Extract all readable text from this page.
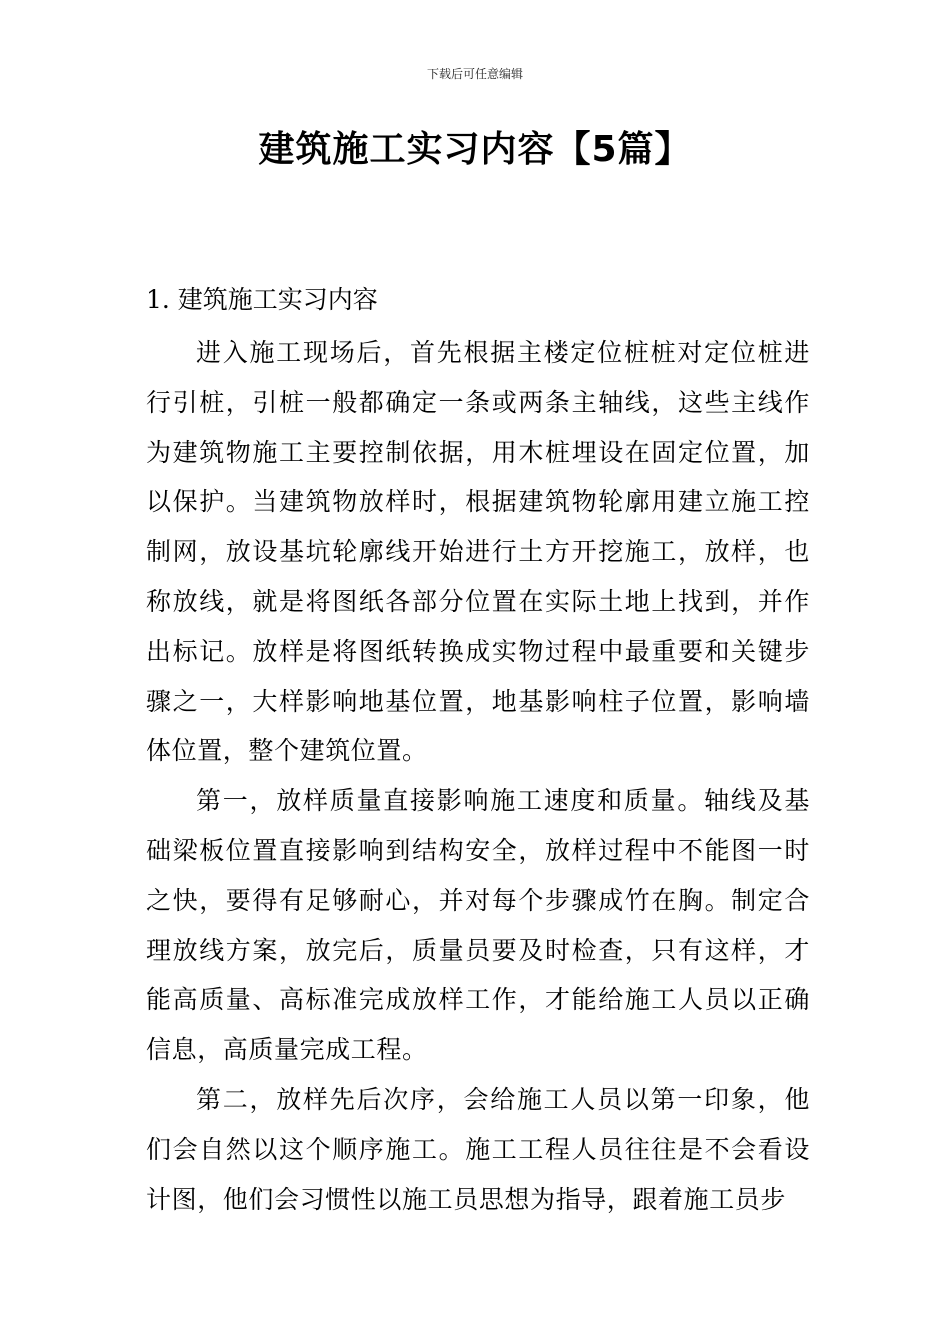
下载后可任意编辑
建筑施工实习内容【5篇】
1. 建筑施工实习内容

进入施工现场后，首先根据主楼定位桩桩对定位桩进行引桩，引桩一般都确定一条或两条主轴线，这些主线作为建筑物施工主要控制依据，用木桩埋设在固定位置，加以保护。当建筑物放样时，根据建筑物轮廓用建立施工控制网，放设基坑轮廓线开始进行土方开挖施工，放样，也称放线，就是将图纸各部分位置在实际土地上找到，并作出标记。放样是将图纸转换成实物过程中最重要和关键步骤之一，大样影响地基位置，地基影响柱子位置，影响墙体位置，整个建筑位置。

第一，放样质量直接影响施工速度和质量。轴线及基础梁板位置直接影响到结构安全，放样过程中不能图一时之快，要得有足够耐心，并对每个步骤成竹在胸。制定合理放线方案，放完后，质量员要及时检查，只有这样，才能高质量、高标准完成放样工作，才能给施工人员以正确信息，高质量完成工程。

第二，放样先后次序，会给施工人员以第一印象，他们会自然以这个顺序施工。施工工程人员往往是不会看设计图，他们会习惯性以施工员思想为指导，跟着施工员步
